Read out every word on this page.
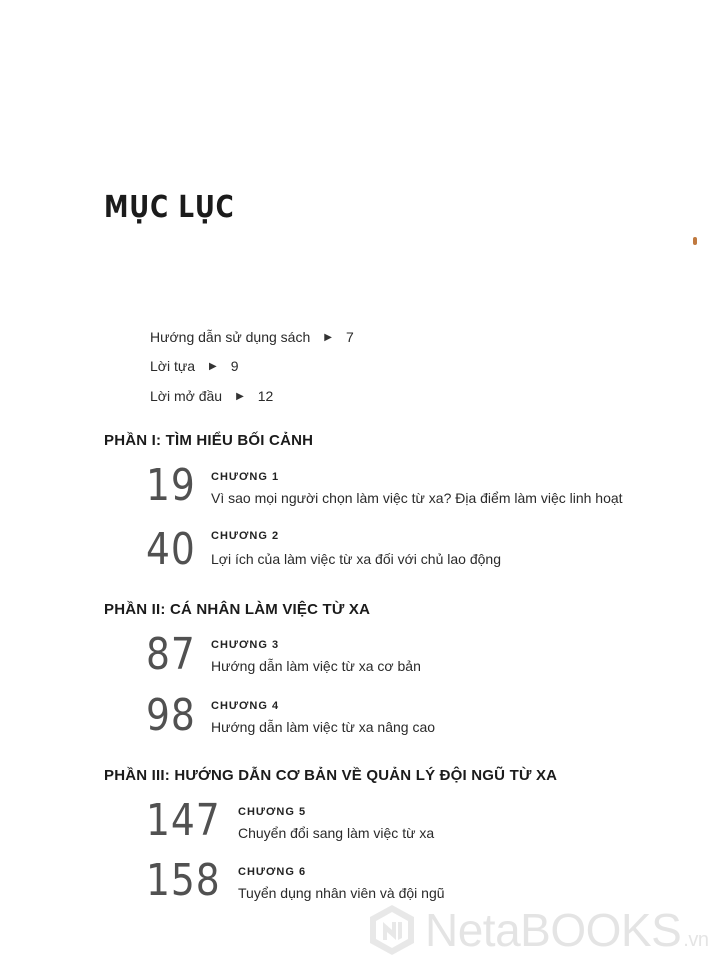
MỤC LỤC
Hướng dẫn sử dụng sách ▶ 7
Lời tựa ▶ 9
Lời mở đầu ▶ 12
PHẦN I: TÌM HIỂU BỐI CẢNH
19 CHƯƠNG 1
Vì sao mọi người chọn làm việc từ xa? Địa điểm làm việc linh hoạt
40 CHƯƠNG 2
Lợi ích của làm việc từ xa đối với chủ lao động
PHẦN II: CÁ NHÂN LÀM VIỆC TỪ XA
87 CHƯƠNG 3
Hướng dẫn làm việc từ xa cơ bản
98 CHƯƠNG 4
Hướng dẫn làm việc từ xa nâng cao
PHẦN III: HƯỚNG DẪN CƠ BẢN VỀ QUẢN LÝ ĐỘI NGŨ TỪ XA
147	CHƯƠNG 5
Chuyển đổi sang làm việc từ xa
158	CHƯƠNG 6
Tuyển dụng nhân viên và đội ngũ
NetaBOOKS .vn
